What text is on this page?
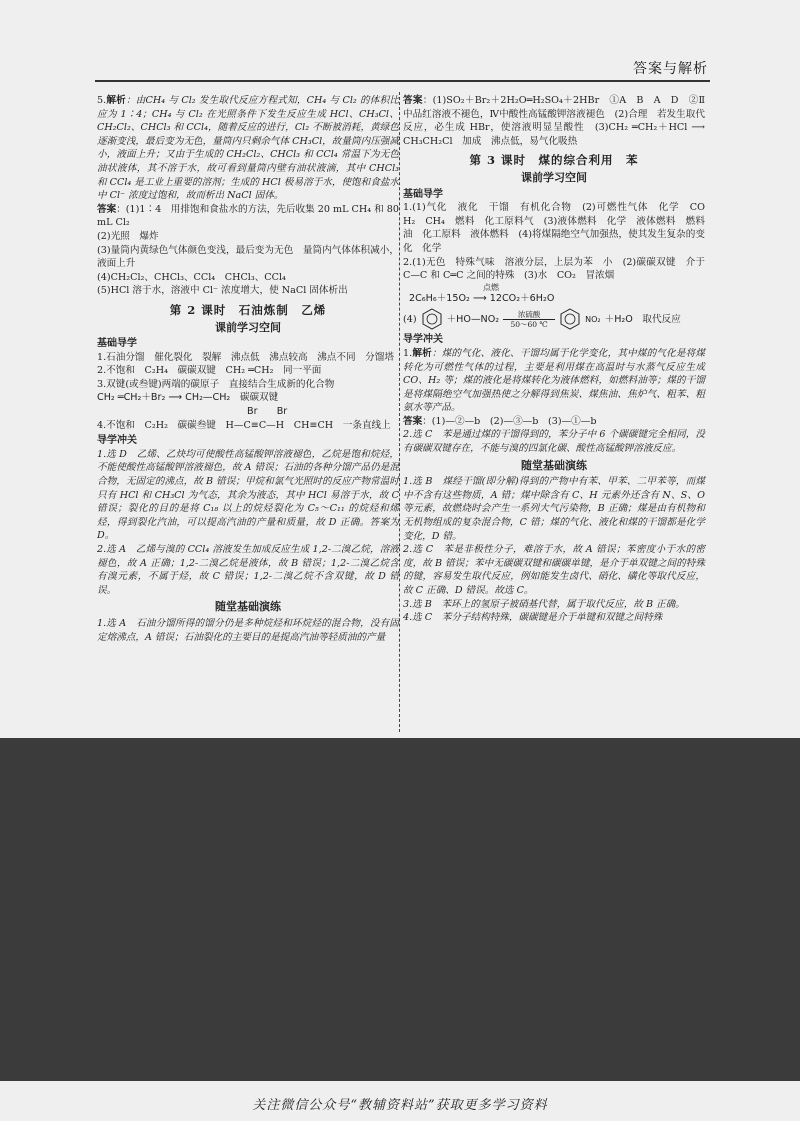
答案与解析

5.解析：由CH₄ 与 Cl₂ 发生取代反应方程式知，CH₄ 与 Cl₂ 的体积比应为 1∶4；CH₄ 与 Cl₂ 在光照条件下发生反应生成 HCl、CH₃Cl、CH₂Cl₂、CHCl₃ 和 CCl₄，随着反应的进行，Cl₂ 不断被消耗，黄绿色逐渐变浅，最后变为无色，量筒内只剩余气体 CH₃Cl，故量筒内压强减小，液面上升；又由于生成的 CH₂Cl₂、CHCl₃ 和 CCl₄ 常温下为无色油状液体，其不溶于水，故可看到量筒内壁有油状液滴，其中 CHCl₃ 和 CCl₄ 是工业上重要的溶剂；生成的 HCl 极易溶于水，使饱和食盐水中 Cl⁻ 浓度过饱和，故而析出 NaCl 固体。

答案：(1)1∶4　用排饱和食盐水的方法，先后收集 20 mL CH₄ 和 80 mL Cl₂

(2)光照　爆炸

(3)量筒内黄绿色气体颜色变浅，最后变为无色　量筒内气体体积减小，液面上升

(4)CH₂Cl₂、CHCl₃、CCl₄　CHCl₃、CCl₄

(5)HCl 溶于水，溶液中 Cl⁻ 浓度增大，使 NaCl 固体析出

第 2 课时　石油炼制　乙烯
课前学习空间
基础导学

1.石油分馏　催化裂化　裂解　沸点低　沸点较高　沸点不同　分馏塔

2.不饱和　C₂H₄　碳碳双键　CH₂ ═CH₂　同一平面

3.双键(或叁键)两端的碳原子　直接结合生成新的化合物

CH₂ ═CH₂＋Br₂ ⟶ CH₂—CH₂　碳碳双键

Br　　Br

4.不饱和　C₂H₂　碳碳叁键　H—C≡C—H　CH≡CH　一条直线上

导学冲关

1.选 D　乙烯、乙炔均可使酸性高锰酸钾溶液褪色，乙烷是饱和烷烃，不能使酸性高锰酸钾溶液褪色，故 A 错误；石油的各种分馏产品仍是混合物，无固定的沸点，故 B 错误；甲烷和氯气光照时的反应产物常温时只有 HCl 和 CH₃Cl 为气态，其余为液态，其中 HCl 易溶于水，故 C 错误；裂化的目的是将 C₁₈ 以上的烷烃裂化为 C₅～C₁₁ 的烷烃和烯烃，得到裂化汽油，可以提高汽油的产量和质量，故 D 正确。答案为 D。

2.选 A　乙烯与溴的 CCl₄ 溶液发生加成反应生成 1,2-二溴乙烷，溶液褪色，故 A 正确；1,2-二溴乙烷是液体，故 B 错误；1,2-二溴乙烷含有溴元素，不属于烃，故 C 错误；1,2-二溴乙烷不含双键，故 D 错误。

随堂基础演练

1.选 A　石油分馏所得的馏分仍是多种烷烃和环烷烃的混合物，没有固定熔沸点，A 错误；石油裂化的主要目的是提高汽油等轻质油的产量

答案：(1)SO₂＋Br₂＋2H₂O═H₂SO₄＋2HBr　①A　B　A　D　②Ⅱ中品红溶液不褪色，Ⅳ中酸性高锰酸钾溶液褪色　(2)合理　若发生取代反应，必生成 HBr，使溶液明显呈酸性　(3)CH₂ ═CH₂＋HCl ⟶ CH₃CH₂Cl　加成　沸点低，易气化吸热

第 3 课时　煤的综合利用　苯
课前学习空间
基础导学

1.(1)气化　液化　干馏　有机化合物　(2)可燃性气体　化学　CO　H₂　CH₄　燃料　化工原料气　(3)液体燃料　化学　液体燃料　燃料油　化工原料　液体燃料　(4)将煤隔绝空气加强热，使其发生复杂的变化　化学

2.(1)无色　特殊气味　溶液分层，上层为苯　小　(2)碳碳双键　介于 C—C 和 C═C 之间的特殊　(3)水　CO₂　冒浓烟

点燃

2C₆H₆＋15O₂ ⟶ 12CO₂＋6H₂O

(4)	＋HO—NO₂	浓硫酸
50～60 ℃
NO₂ ＋H₂O　取代反应
导学冲关

1.解析：煤的气化、液化、干馏均属于化学变化，其中煤的气化是将煤转化为可燃性气体的过程，主要是利用煤在高温时与水蒸气反应生成 CO、H₂ 等；煤的液化是将煤转化为液体燃料，如燃料油等；煤的干馏是将煤隔绝空气加强热使之分解得到焦炭、煤焦油、焦炉气、粗苯、粗氨水等产品。

答案：(1)—②—b　(2)—③—b　(3)—①—b

2.选 C　苯是通过煤的干馏得到的，苯分子中 6 个碳碳键完全相同，没有碳碳双键存在，不能与溴的四氯化碳、酸性高锰酸钾溶液反应。

随堂基础演练

1.选 B　煤经干馏(即分解)得到的产物中有苯、甲苯、二甲苯等，而煤中不含有这些物质，A 错；煤中除含有 C、H 元素外还含有 N、S、O 等元素，故燃烧时会产生一系列大气污染物，B 正确；煤是由有机物和无机物组成的复杂混合物，C 错；煤的气化、液化和煤的干馏都是化学变化，D 错。

2.选 C　苯是非极性分子，难溶于水，故 A 错误；苯密度小于水的密度，故 B 错误；苯中无碳碳双键和碳碳单键，是介于单双键之间的特殊的键，容易发生取代反应，例如能发生卤代、硝化、磺化等取代反应，故 C 正确、D 错误。故选 C。

3.选 B　苯环上的氢原子被硝基代替，属于取代反应，故 B 正确。

4.选 C　苯分子结构特殊，碳碳键是介于单键和双键之间特殊

关注微信公众号“教辅资料站”获取更多学习资料
